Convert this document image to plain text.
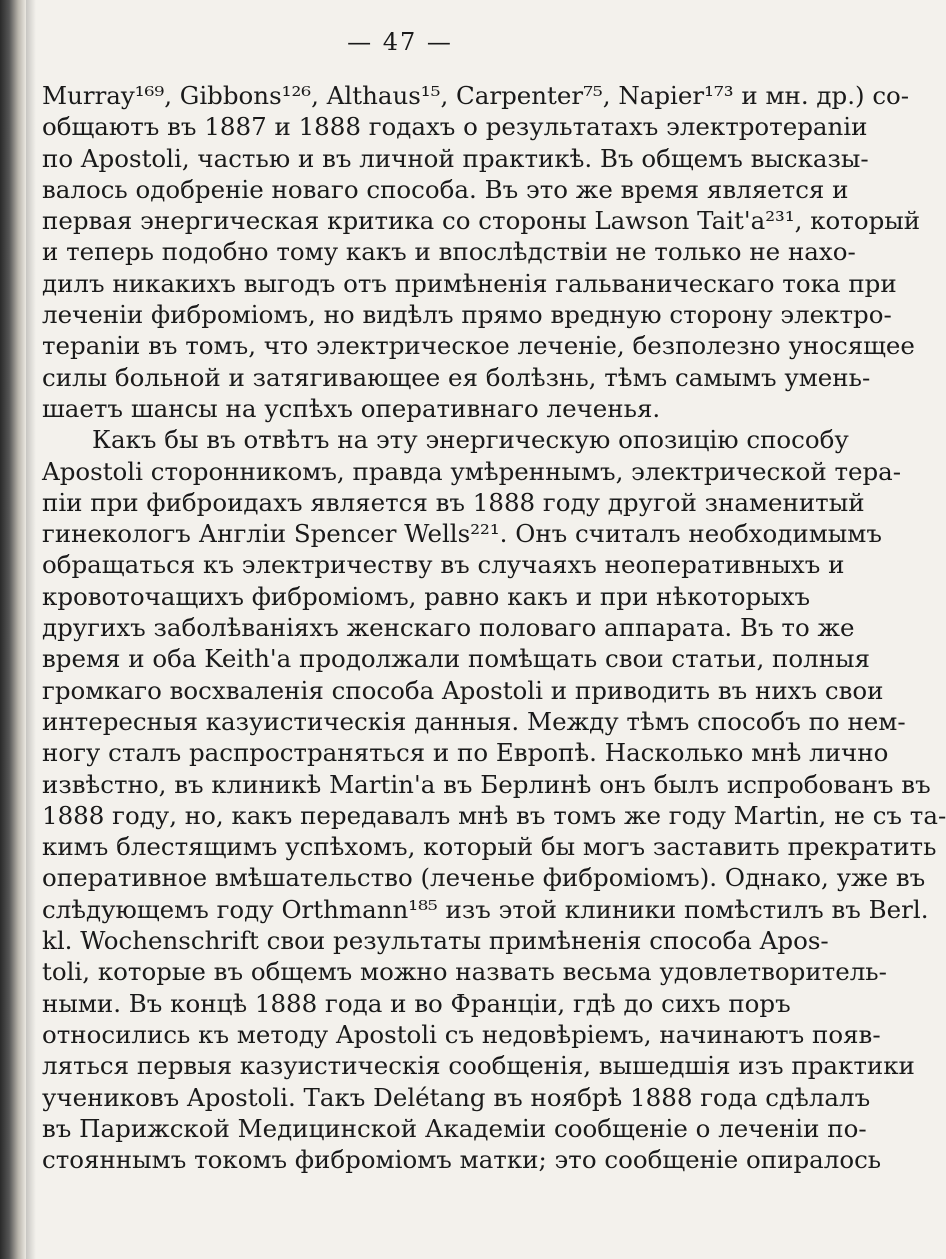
— 47 —
Murray¹⁶⁹, Gibbons¹²⁶, Althaus¹⁵, Carpenter⁷⁵, Napier¹⁷³ и мн. др.) со-
общаютъ въ 1887 и 1888 годахъ о результатахъ электротераnіи
по Apostoli, частью и въ личной практикѣ. Въ общемъ высказы-
валось одобреніе новаго способа. Въ это же время является и
первая энергическая критика со стороны Lawson Tait'а²³¹, который
и теперь подобно тому какъ и впослѣдствіи не только не нахо-
дилъ никакихъ выгодъ отъ примѣненія гальваническаго тока при
леченіи фибромiомъ, но видѣлъ прямо вредную сторону электро-
тераnіи въ томъ, что электрическое леченіе, безполезно уносящее
силы больной и затягивающее ея болѣзнь, тѣмъ самымъ умень-
шаетъ шансы на успѣхъ оперативнаго леченья.
Какъ бы въ отвѣтъ на эту энергическую опозицію способу
Apostoli сторонникомъ, правда умѣреннымъ, электрической тера-
піи при фиброидахъ является въ 1888 году другой знаменитый
гинекологъ Англіи Spencer Wells²²¹. Онъ считалъ необходимымъ
обращаться къ электричеству въ случаяхъ неоперативныхъ и
кровоточащихъ фибромiомъ, равно какъ и при нѣкоторыхъ
другихъ заболѣваніяхъ женскаго половаго аппарата. Въ то же
время и оба Keith'а продолжали помѣщать свои статьи, полныя
громкаго восхваленія способа Apostoli и приводить въ нихъ свои
интересныя казуистическія данныя. Между тѣмъ способъ по нем-
ногу сталъ распространяться и по Европѣ. Насколько мнѣ лично
извѣстно, въ клиникѣ Martin'а въ Берлинѣ онъ былъ испробованъ въ
1888 году, но, какъ передавалъ мнѣ въ томъ же году Martin, не съ та-
кимъ блестящимъ успѣхомъ, который бы могъ заставить прекратить
оперативное вмѣшательство (леченье фибромiомъ). Однако, уже въ
слѣдующемъ году Orthmann¹⁸⁵ изъ этой клиники помѣстилъ въ Berl.
kl. Woсhenschrift свои результаты примѣненія способа Apos-
toli, которые въ общемъ можно назвать весьма удовлетворитель-
ными. Въ концѣ 1888 года и во Франціи, гдѣ до сихъ поръ
относились къ методу Apostoli съ недовѣріемъ, начинаютъ появ-
ляться первыя казуистическія сообщенія, вышедшія изъ практики
учениковъ Apostoli. Такъ Delétang въ ноябрѣ 1888 года сдѣлалъ
въ Парижской Медицинской Академіи сообщеніе о леченіи по-
стояннымъ токомъ фибромiомъ матки; это сообщеніе опиралось
